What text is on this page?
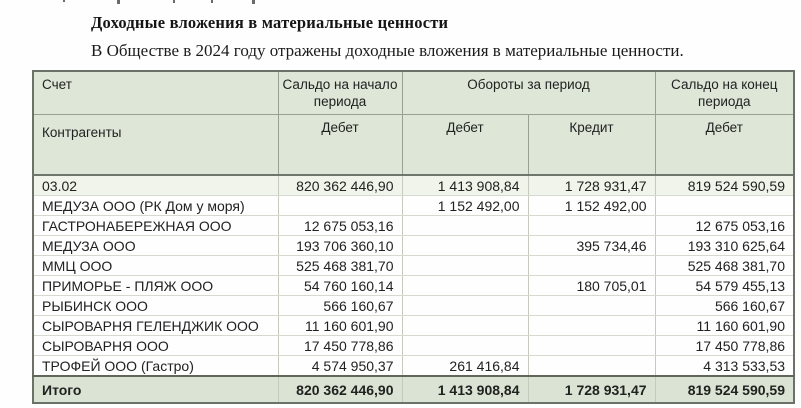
Доходные вложения в материальные ценности

В Обществе в 2024 году отражены доходные вложения в материальные ценности.

Счет	Сальдо на начало периода	Обороты за период		Сальдо на конец периода
Контрагенты	Дебет	Дебет	Кредит	Дебет
03.02	820 362 446,90	1 413 908,84	1 728 931,47	819 524 590,59
МЕДУЗА ООО (РК Дом у моря)		1 152 492,00	1 152 492,00	
ГАСТРОНАБЕРЕЖНАЯ ООО	12 675 053,16			12 675 053,16
МЕДУЗА ООО	193 706 360,10		395 734,46	193 310 625,64
ММЦ ООО	525 468 381,70			525 468 381,70
ПРИМОРЬЕ - ПЛЯЖ ООО	54 760 160,14		180 705,01	54 579 455,13
РЫБИНСК ООО	566 160,67			566 160,67
СЫРОВАРНЯ ГЕЛЕНДЖИК ООО	11 160 601,90			11 160 601,90
СЫРОВАРНЯ ООО	17 450 778,86			17 450 778,86
ТРОФЕЙ ООО (Гастро)	4 574 950,37	261 416,84		4 313 533,53
Итого	820 362 446,90	1 413 908,84	1 728 931,47	819 524 590,59
